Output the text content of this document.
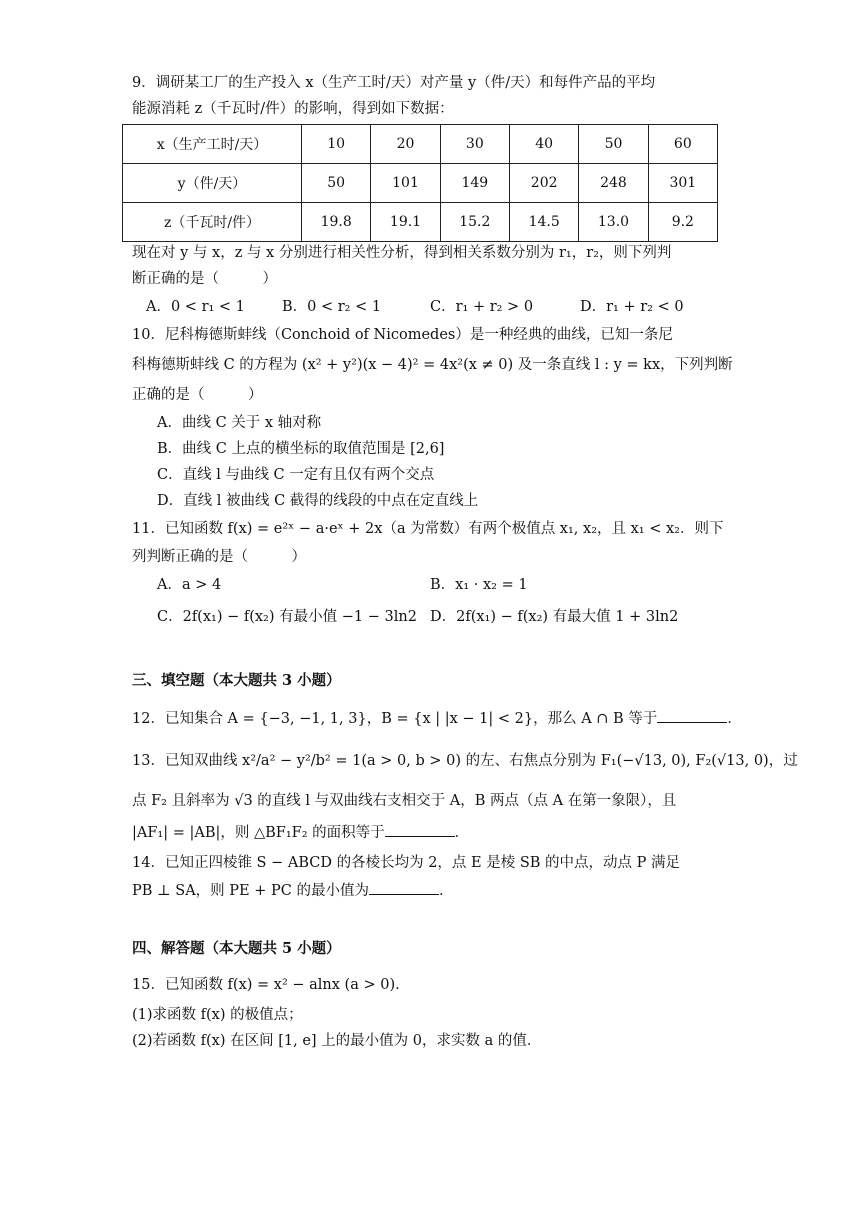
9．调研某工厂的生产投入 x（生产工时/天）对产量 y（件/天）和每件产品的平均
能源消耗 z（千瓦时/件）的影响，得到如下数据：
x（生产工时/天）	10	20	30	40	50	60
y（件/天）	50	101	149	202	248	301
z（千瓦时/件）	19.8	19.1	15.2	14.5	13.0	9.2
现在对 y 与 x，z 与 x 分别进行相关性分析，得到相关系数分别为 r₁，r₂，则下列判
断正确的是（　　　）
A．0 < r₁ < 1	B．0 < r₂ < 1	C．r₁ + r₂ > 0	D．r₁ + r₂ < 0
10．尼科梅德斯蚌线（Conchoid of Nicomedes）是一种经典的曲线，已知一条尼
科梅德斯蚌线 C 的方程为 (x² + y²)(x − 4)² = 4x²(x ≠ 0) 及一条直线 l : y = kx，下列判断
正确的是（　　　）
A．曲线 C 关于 x 轴对称
B．曲线 C 上点的横坐标的取值范围是 [2,6]
C．直线 l 与曲线 C 一定有且仅有两个交点
D．直线 l 被曲线 C 截得的线段的中点在定直线上
11．已知函数 f(x) = e²ˣ − a·eˣ + 2x（a 为常数）有两个极值点 x₁, x₂，且 x₁ < x₂．则下
列判断正确的是（　　　）
A．a > 4	B．x₁ · x₂ = 1
C．2f(x₁) − f(x₂) 有最小值 −1 − 3ln2 D．2f(x₁) − f(x₂) 有最大值 1 + 3ln2
三、填空题（本大题共 3 小题）
12．已知集合 A = {−3, −1, 1, 3}，B = {x | |x − 1| < 2}，那么 A ∩ B 等于	．
13．已知双曲线 x²/a² − y²/b² = 1(a > 0, b > 0) 的左、右焦点分别为 F₁(−√13, 0), F₂(√13, 0)，过
点 F₂ 且斜率为 √3 的直线 l 与双曲线右支相交于 A，B 两点（点 A 在第一象限），且
|AF₁| = |AB|，则 △BF₁F₂ 的面积等于	．
14．已知正四棱锥 S − ABCD 的各棱长均为 2，点 E 是棱 SB 的中点，动点 P 满足
PB ⊥ SA，则 PE + PC 的最小值为	．
四、解答题（本大题共 5 小题）
15．已知函数 f(x) = x² − alnx (a > 0)．
(1)求函数 f(x) 的极值点；
(2)若函数 f(x) 在区间 [1, e] 上的最小值为 0，求实数 a 的值．
